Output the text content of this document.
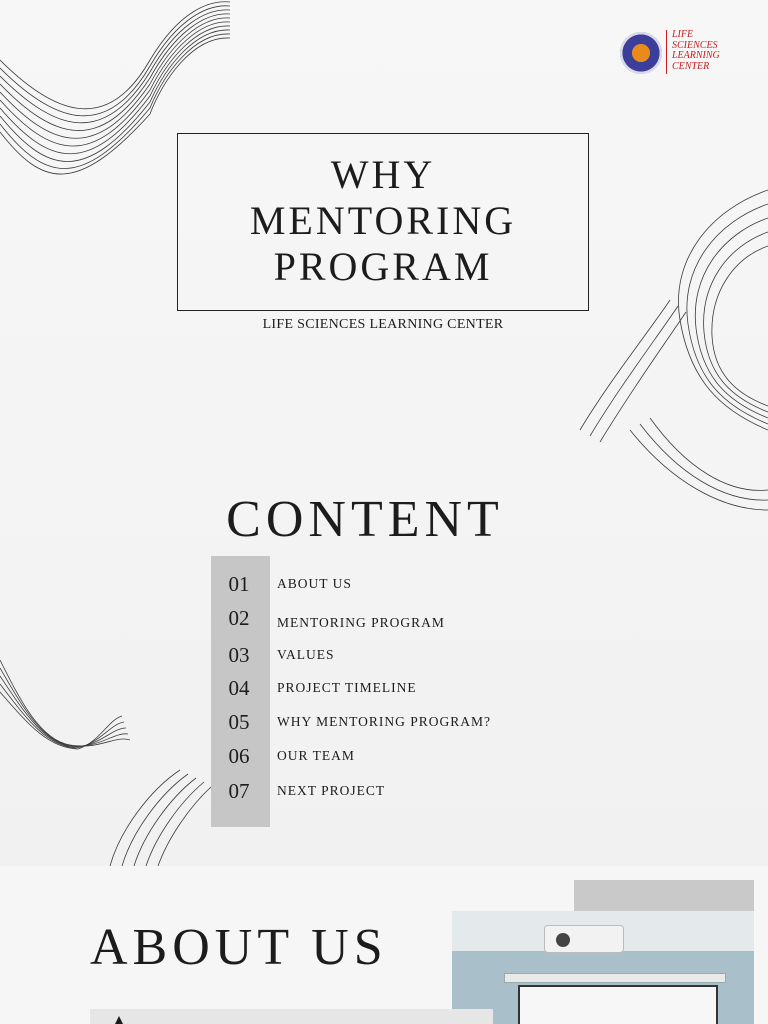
LIFE
SCIENCES
LEARNING
CENTER
WHY
MENTORING
PROGRAM
LIFE SCIENCES LEARNING CENTER
CONTENT
01	ABOUT US
02	MENTORING PROGRAM
03	VALUES
04	PROJECT TIMELINE
05	WHY MENTORING PROGRAM?
06	OUR TEAM
07	NEXT PROJECT
ABOUT US
